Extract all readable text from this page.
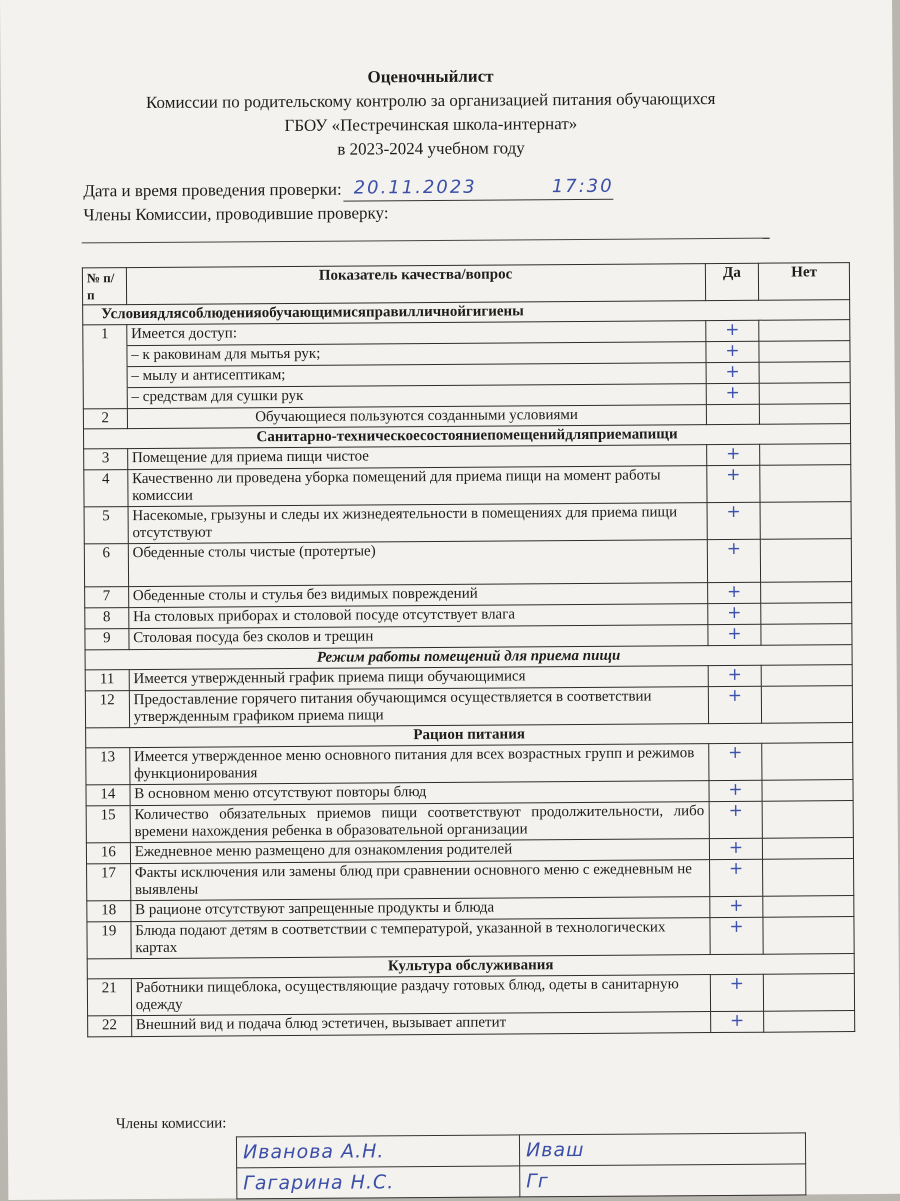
Оценочныйлист
Комиссии по родительскому контролю за организацией питания обучающихся
ГБОУ «Пестречинская школа-интернат»
в 2023-2024 учебном году
Дата и время проведения проверки: 20.11.2023	17:30
Члены Комиссии, проводившие проверку:
№ п/п	Показатель качества/вопрос	Да	Нет
Условиядлясоблюденияобучающимисяправилличнойгигиены			
1	Имеется доступ:	+	
	– к раковинам для мытья рук;	+	
	– мылу и антисептикам;	+	
	– средствам для сушки рук	+	
2	Обучающиеся пользуются созданными условиями		
Санитарно-техническоесостояниепомещенийдляприемапищи			
3	Помещение для приема пищи чистое	+	
4	Качественно ли проведена уборка помещений для приема пищи на момент работы комиссии	+	
5	Насекомые, грызуны и следы их жизнедеятельности в помещениях для приема пищи отсутствуют	+	
6	Обеденные столы чистые (протертые)	+	
7	Обеденные столы и стулья без видимых повреждений	+	
8	На столовых приборах и столовой посуде отсутствует влага	+	
9	Столовая посуда без сколов и трещин	+	
Режим работы помещений для приема пищи			
11	Имеется утвержденный график приема пищи обучающимися	+	
12	Предоставление горячего питания обучающимся осуществляется в соответствии утвержденным графиком приема пищи	+	
Рацион питания			
13	Имеется утвержденное меню основного питания для всех возрастных групп и режимов функционирования	+	
14	В основном меню отсутствуют повторы блюд	+	
15	Количество обязательных приемов пищи соответствуют продолжительности, либо времени нахождения ребенка в образовательной организации	+	
16	Ежедневное меню размещено для ознакомления родителей	+	
17	Факты исключения или замены блюд при сравнении основного меню с ежедневным не выявлены	+	
18	В рационе отсутствуют запрещенные продукты и блюда	+	
19	Блюда подают детям в соответствии с температурой, указанной в технологических картах	+	
Культура обслуживания			
21	Работники пищеблока, осуществляющие раздачу готовых блюд, одеты в санитарную одежду	+	
22	Внешний вид и подача блюд эстетичен, вызывает аппетит	+	
Члены комиссии:
Иванова А.Н.	Иваш
Гагарина Н.С.	Гг
